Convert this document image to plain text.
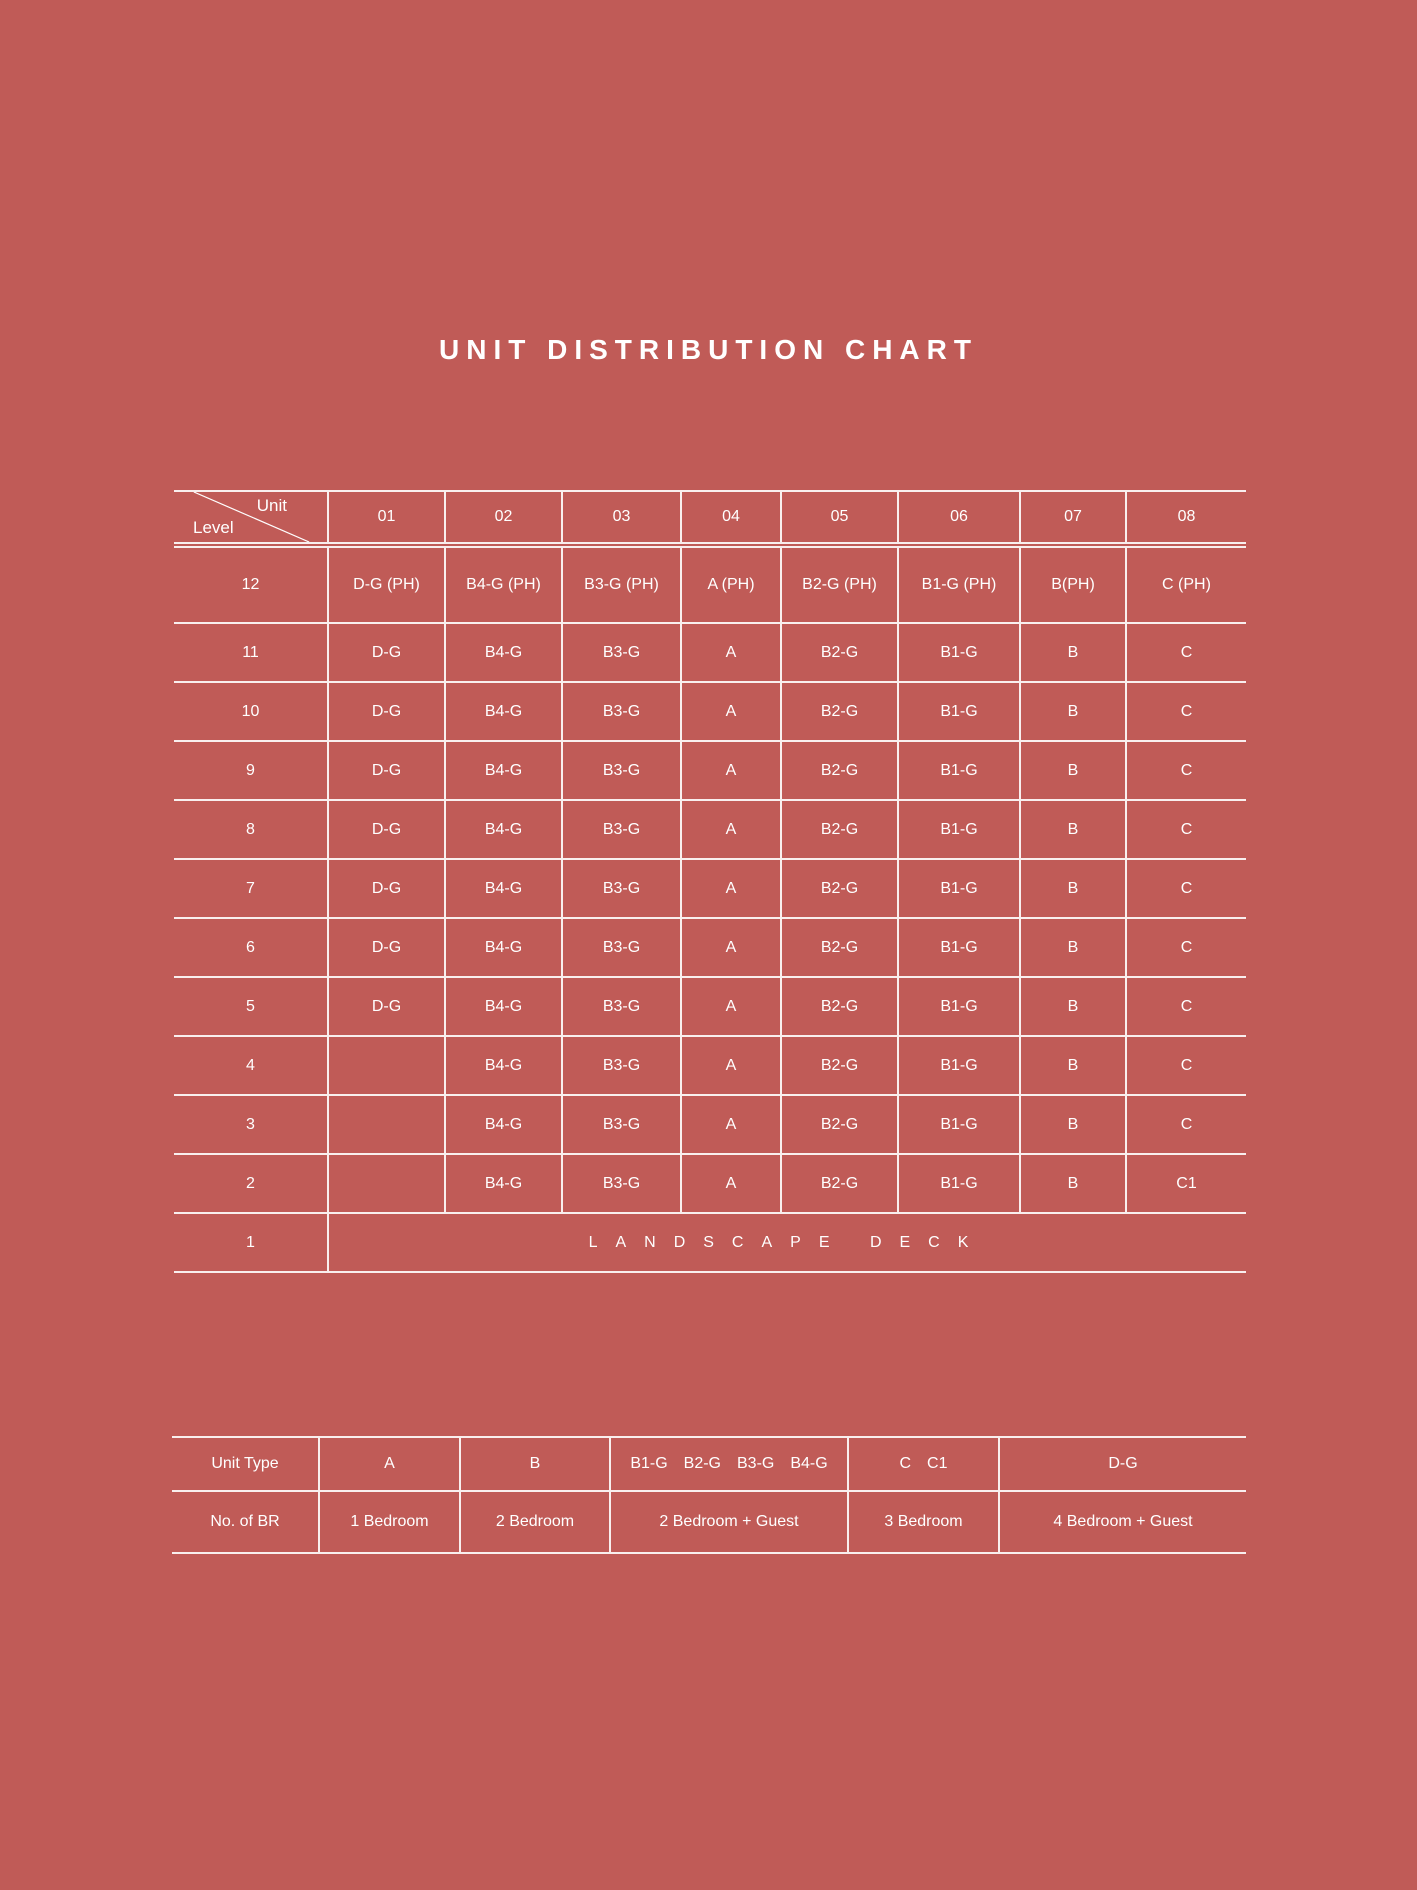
UNIT DISTRIBUTION CHART
Unit
Level	01	02	03	04	05	06	07	08
12	D-G (PH)	B4-G (PH)	B3-G (PH)	A (PH)	B2-G (PH)	B1-G (PH)	B(PH)	C (PH)
11	D-G	B4-G	B3-G	A	B2-G	B1-G	B	C
10	D-G	B4-G	B3-G	A	B2-G	B1-G	B	C
9	D-G	B4-G	B3-G	A	B2-G	B1-G	B	C
8	D-G	B4-G	B3-G	A	B2-G	B1-G	B	C
7	D-G	B4-G	B3-G	A	B2-G	B1-G	B	C
6	D-G	B4-G	B3-G	A	B2-G	B1-G	B	C
5	D-G	B4-G	B3-G	A	B2-G	B1-G	B	C
4		B4-G	B3-G	A	B2-G	B1-G	B	C
3		B4-G	B3-G	A	B2-G	B1-G	B	C
2		B4-G	B3-G	A	B2-G	B1-G	B	C1
1	LANDSCAPE DECK							
Unit Type	A	B	B1-G B2-G B3-G B4-G	C C1	D-G
No. of BR	1 Bedroom	2 Bedroom	2 Bedroom + Guest	3 Bedroom	4 Bedroom + Guest
